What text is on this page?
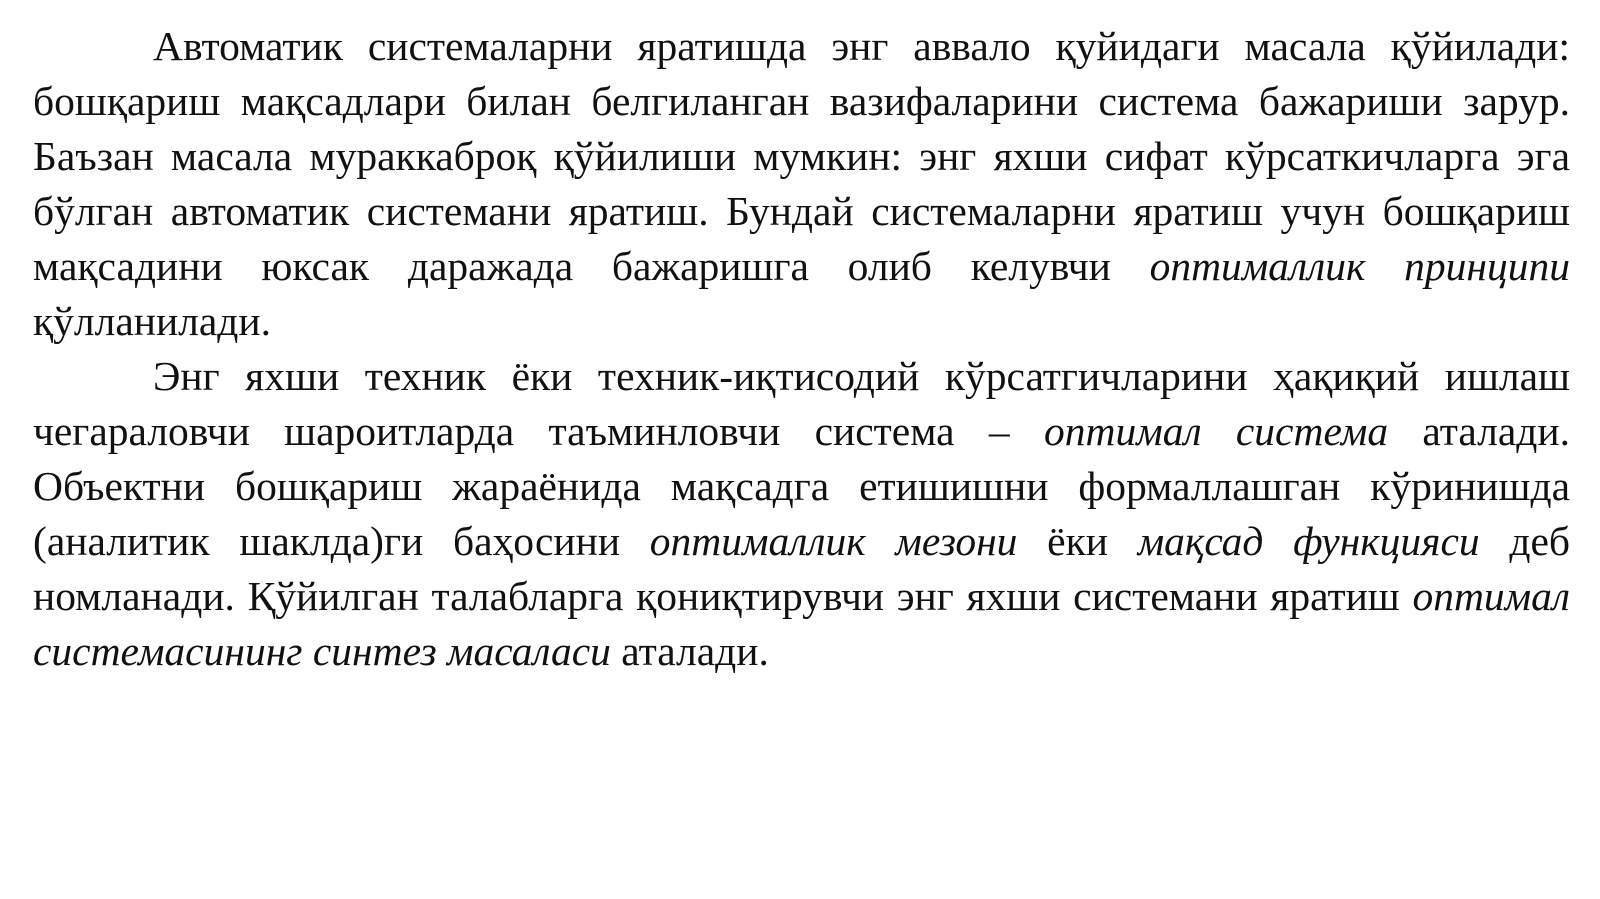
Автоматик системаларни яратишда энг аввало қуйидаги масала қўйилади: бошқариш мақсадлари билан белгиланган вазифаларини система бажариши зарур. Баъзан масала мураккаброқ қўйилиши мумкин: энг яхши сифат кўрсаткичларга эга бўлган автоматик системани яратиш. Бундай системаларни яратиш учун бошқариш мақсадини юксак даражада бажаришга олиб келувчи оптималлик принципи қўлланилади.

Энг яхши техник ёки техник-иқтисодий кўрсатгичларини ҳақиқий ишлаш чегараловчи шароитларда таъминловчи система – оптимал система аталади. Объектни бошқариш жараёнида мақсадга етишишни формаллашган кўринишда (аналитик шаклда)ги баҳосини оптималлик мезони ёки мақсад функцияси деб номланади. Қўйилган талабларга қониқтирувчи энг яхши системани яратиш оптимал системасининг синтез масаласи аталади.
